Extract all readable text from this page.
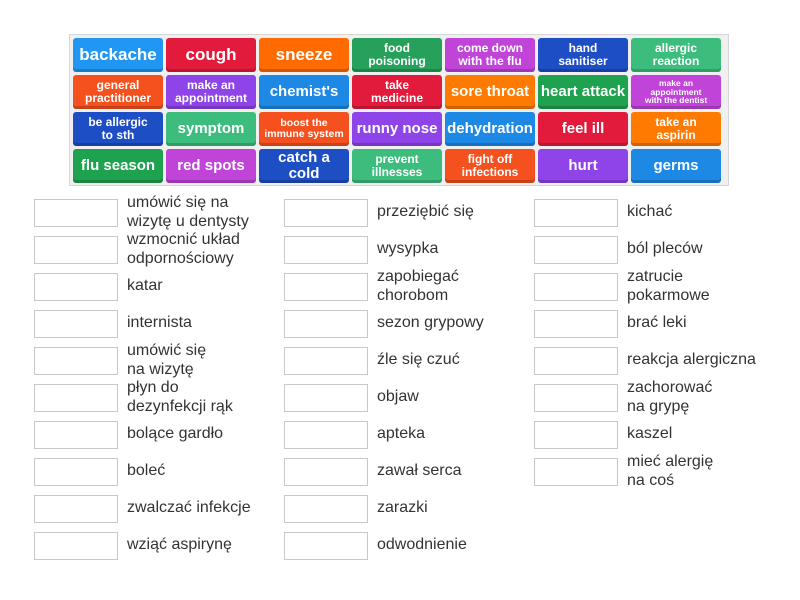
backache	cough	sneeze	food
poisoning
come down
with the flu
hand
sanitiser
allergic
reaction
general
practitioner
make an
appointment	chemist's	take
medicine	sore throat heart attack
make an
appointment
with the dentist
be allergic
to sth	symptom	boost the
immune system runny nose dehydration	feel ill	take an
aspirin
flu season	red spots	catch a cold
prevent
illnesses
fight off
infections	hurt	germs
umówić się na
wizytę u dentysty
przeziębić się	kichać
wzmocnić układ
odpornościowy
wysypka	ból pleców
katar
zapobiegać
chorobom
zatrucie
pokarmowe
internista	sezon grypowy	brać leki
umówić się
na wizytę
źle się czuć	reakcja alergiczna
płyn do
dezynfekcji rąk
objaw
zachorować
na grypę
bolące gardło	apteka	kaszel
boleć	zawał serca
mieć alergię
na coś
zwalczać infekcje	zarazki
wziąć aspirynę	odwodnienie
